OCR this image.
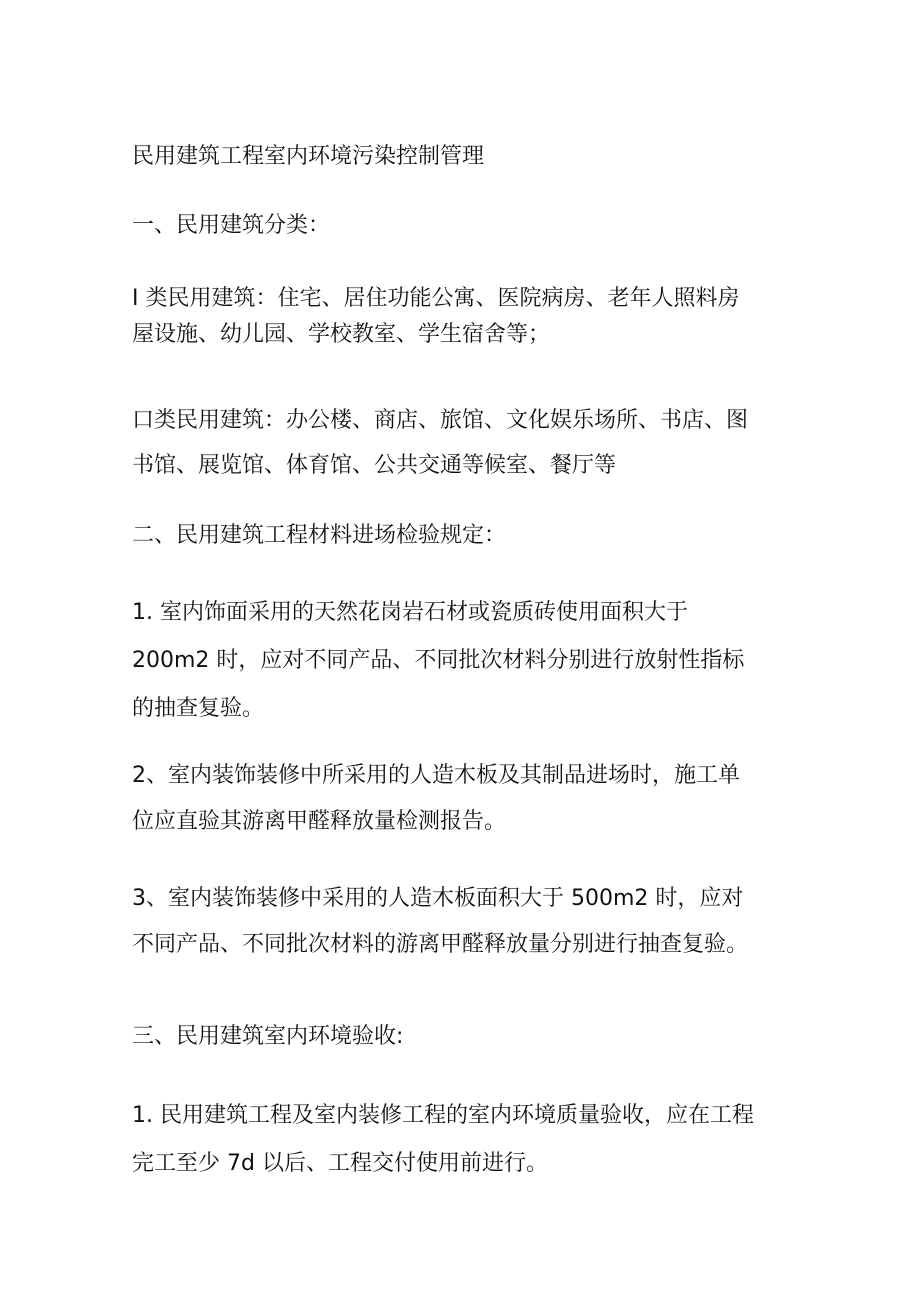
民用建筑工程室内环境污染控制管理

一、民用建筑分类：

I 类民用建筑：住宅、居住功能公寓、医院病房、老年人照料房
屋设施、幼儿园、学校教室、学生宿舍等；

口类民用建筑：办公楼、商店、旅馆、文化娱乐场所、书店、图
书馆、展览馆、体育馆、公共交通等候室、餐厅等

二、民用建筑工程材料进场检验规定：

1. 室内饰面采用的天然花岗岩石材或瓷质砖使用面积大于
200m2 时，应对不同产品、不同批次材料分别进行放射性指标
的抽查复验。

2、室内装饰装修中所采用的人造木板及其制品进场时，施工单
位应直验其游离甲醛释放量检测报告。

3、室内装饰装修中采用的人造木板面积大于 500m2 时，应对
不同产品、不同批次材料的游离甲醛释放量分别进行抽查复验。

三、民用建筑室内环境验收:

1. 民用建筑工程及室内装修工程的室内环境质量验收，应在工程
完工至少 7d 以后、工程交付使用前进行。
